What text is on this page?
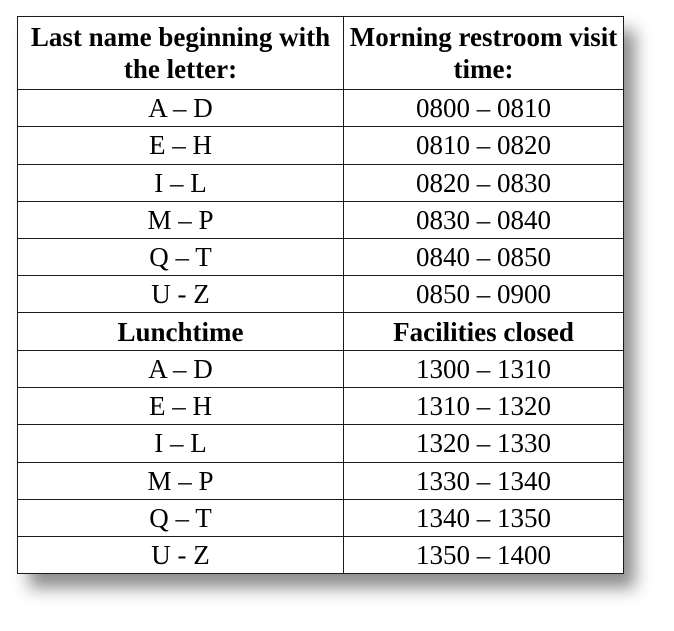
Last name beginning with the letter:	Morning restroom visit time:
A – D	0800 – 0810
E – H	0810 – 0820
I – L	0820 – 0830
M – P	0830 – 0840
Q – T	0840 – 0850
U - Z	0850 – 0900
Lunchtime	Facilities closed
A – D	1300 – 1310
E – H	1310 – 1320
I – L	1320 – 1330
M – P	1330 – 1340
Q – T	1340 – 1350
U - Z	1350 – 1400
